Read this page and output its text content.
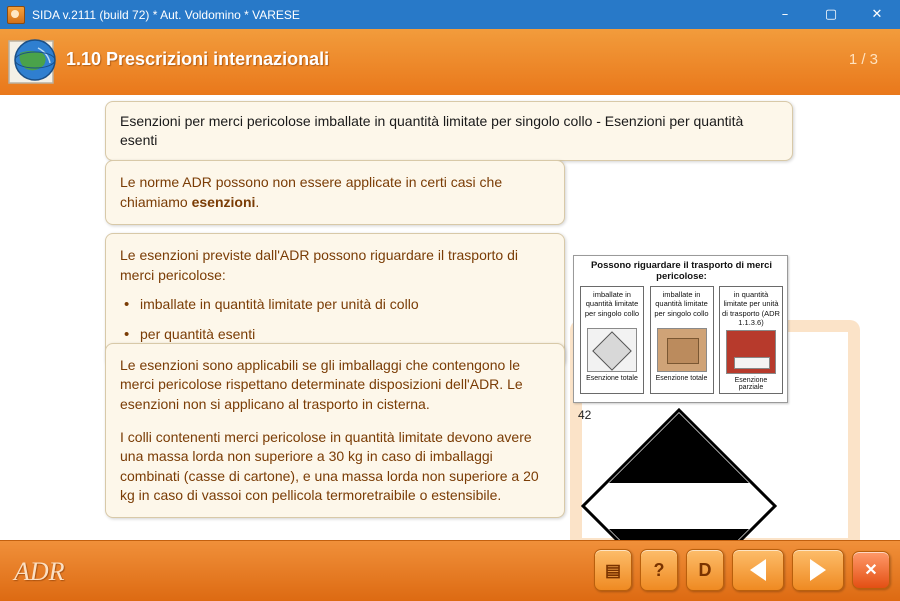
SIDA v.2111 (build 72) * Aut. Voldomino * VARESE	–	▢	✕
1.10 Prescrizioni internazionali	1 / 3
Esenzioni per merci pericolose imballate in quantità limitate per singolo collo - Esenzioni per quantità esenti
Le norme ADR possono non essere applicate in certi casi che chiamiamo esenzioni.
Le esenzioni previste dall'ADR possono riguardare il trasporto di merci pericolose:
• imballate in quantità limitate per unità di collo
• per quantità esenti
Le esenzioni sono applicabili se gli imballaggi che contengono le merci pericolose rispettano determinate disposizioni dell'ADR. Le esenzioni non si applicano al trasporto in cisterna.
I colli contenenti merci pericolose in quantità limitate devono avere una massa lorda non superiore a 30 kg in caso di imballaggi combinati (casse di cartone), e una massa lorda non superiore a 20 kg in caso di vassoi con pellicola termoretraibile o estensibile.
Possono riguardare il trasporto di merci pericolose:
imballate in quantità limitate per singolo collo
Esenzione totale
imballate in quantità limitate per singolo collo
Esenzione totale
in quantità limitate per unità di trasporto (ADR 1.1.3.6)
Esenzione parziale
42
ADR	▤ ? D	✕
